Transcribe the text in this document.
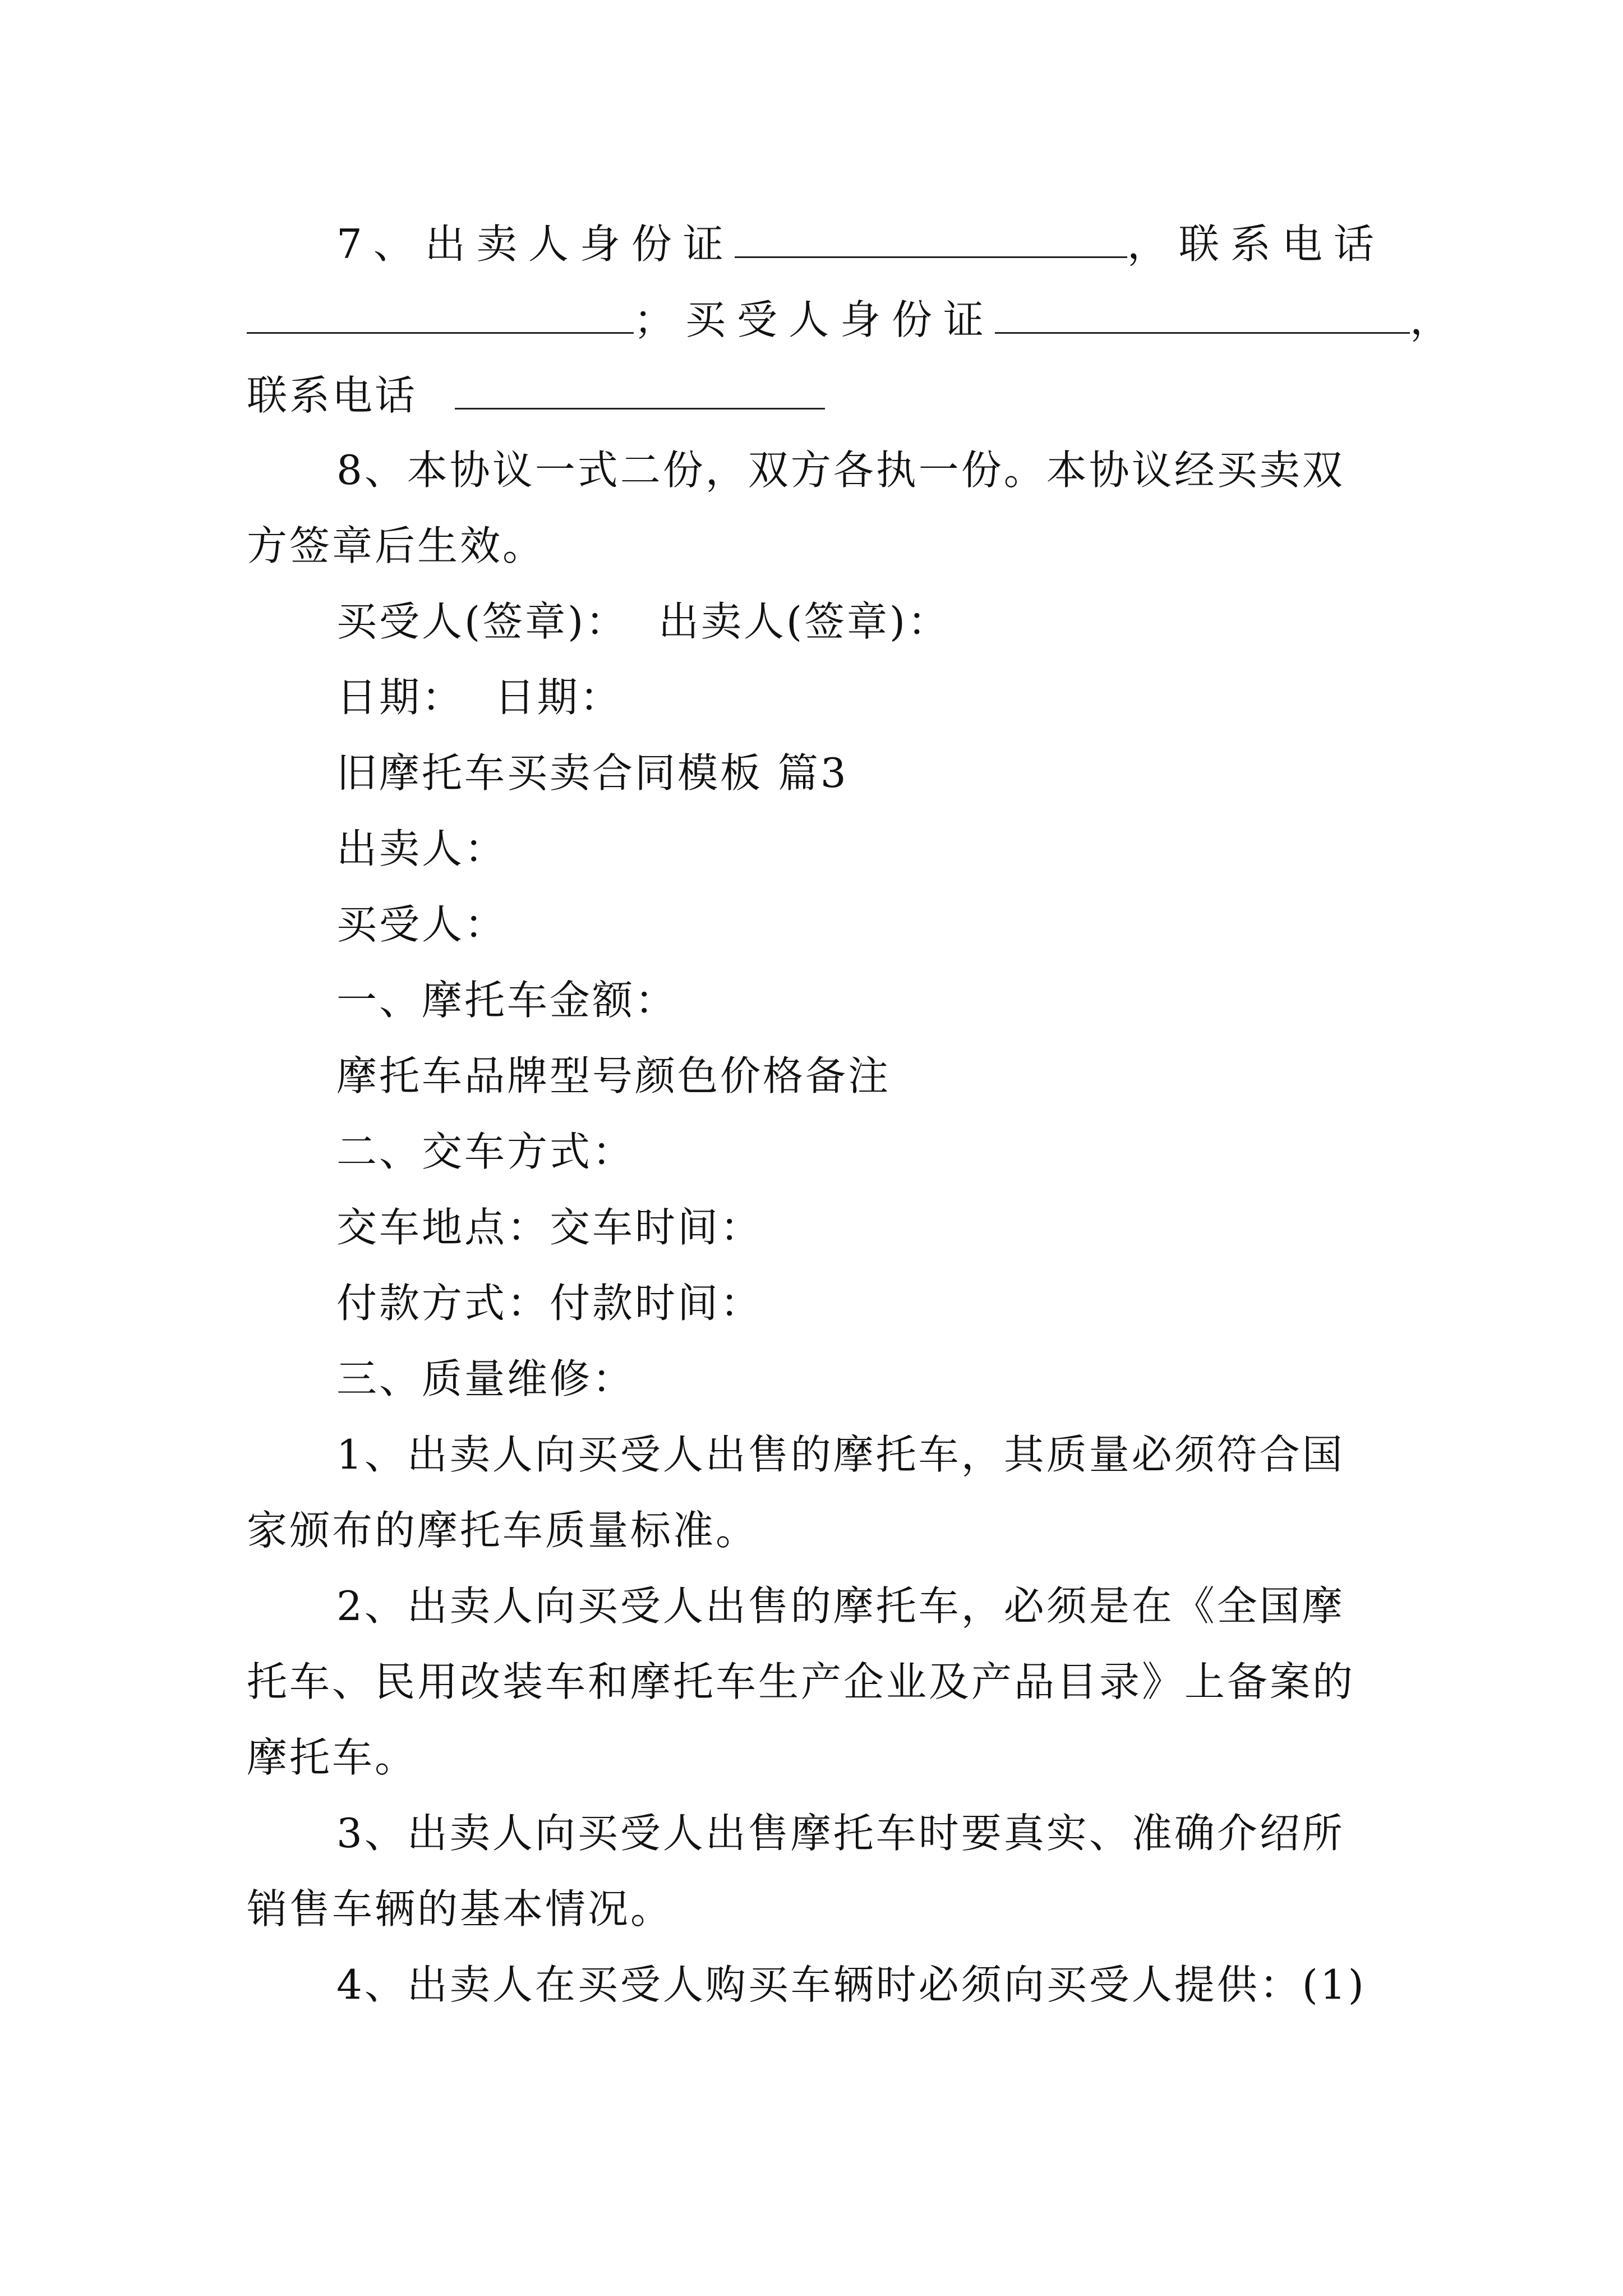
7、出卖人身份证	，联系电话
；买受人身份证	，
联系电话
8、本协议一式二份，双方各执一份。本协议经买卖双
方签章后生效。
买受人(签章)：  出卖人(签章)：
日期：  日期：
旧摩托车买卖合同模板 篇3
出卖人：
买受人：
一、摩托车金额：
摩托车品牌型号颜色价格备注
二、交车方式：
交车地点：交车时间：
付款方式：付款时间：
三、质量维修：
1、出卖人向买受人出售的摩托车，其质量必须符合国
家颁布的摩托车质量标准。
2、出卖人向买受人出售的摩托车，必须是在《全国摩
托车、民用改装车和摩托车生产企业及产品目录》上备案的
摩托车。
3、出卖人向买受人出售摩托车时要真实、准确介绍所
销售车辆的基本情况。
4、出卖人在买受人购买车辆时必须向买受人提供：(1)
